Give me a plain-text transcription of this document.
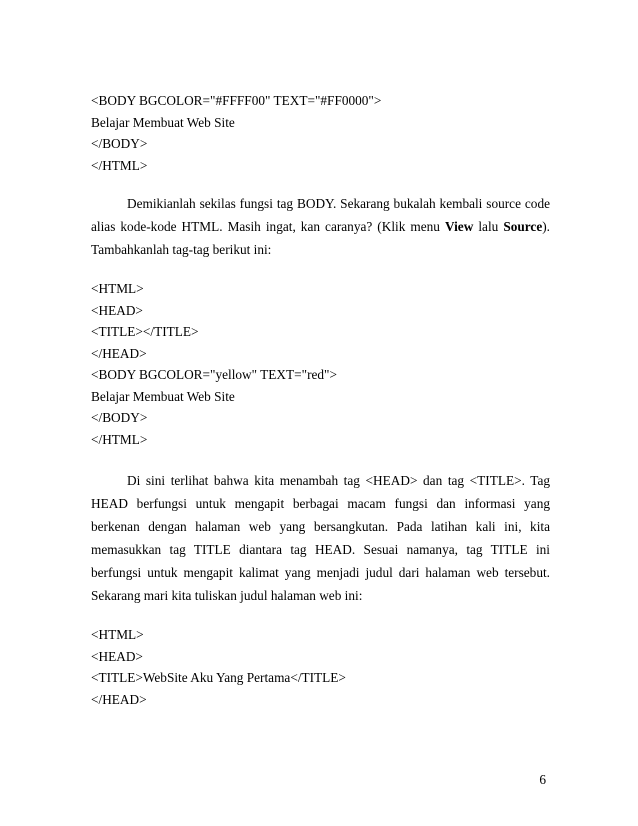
<BODY BGCOLOR="#FFFF00" TEXT="#FF0000">

Belajar Membuat Web Site

</BODY>

</HTML>

Demikianlah sekilas fungsi tag BODY. Sekarang bukalah kembali source code alias kode-kode HTML. Masih ingat, kan caranya? (Klik menu View lalu Source). Tambahkanlah tag-tag berikut ini:

<HTML>

<HEAD>

<TITLE></TITLE>

</HEAD>

<BODY BGCOLOR="yellow" TEXT="red">

Belajar Membuat Web Site

</BODY>

</HTML>

Di sini terlihat bahwa kita menambah tag <HEAD> dan tag <TITLE>. Tag HEAD berfungsi untuk mengapit berbagai macam fungsi dan informasi yang berkenan dengan halaman web yang bersangkutan. Pada latihan kali ini, kita memasukkan tag TITLE diantara tag HEAD. Sesuai namanya, tag TITLE ini berfungsi untuk mengapit kalimat yang menjadi judul dari halaman web tersebut. Sekarang mari kita tuliskan judul halaman web ini:

<HTML>

<HEAD>

<TITLE>WebSite Aku Yang Pertama</TITLE>

</HEAD>

6
